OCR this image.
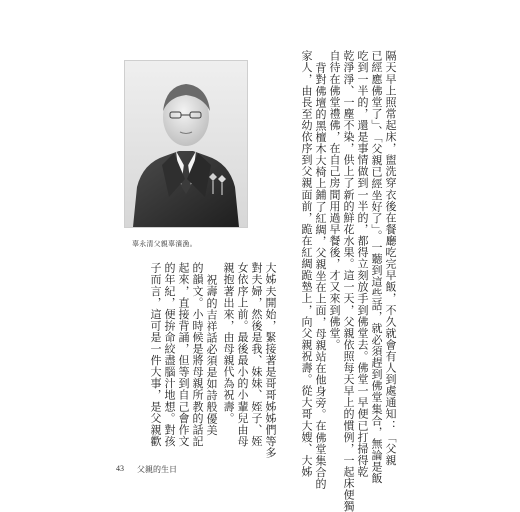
辜永清父親辜濱漁。	隔天早上照常起床，盥洗穿衣後在餐廳吃完早飯，不久就會有人到處通知：「父親
已經應佛堂了」、「父親已經坐好了」。一聽到這些話，就必須趕到佛堂集合，無論是飯
吃到一半的，還是事情做到一半的，都得立刻放手到佛堂去。佛堂一早便已打掃得乾
乾淨淨、一塵不染，供上了新的鮮花水果。這一天，父親依照每天早上的慣例，一起床便獨
自待在佛堂禮佛，在自己房間用過早餐後，才又來到佛堂。
背對佛壇的黑檀木大椅上鋪了紅綢，父親坐在上面，母親站在他身旁。在佛堂集合的
家人，由長至幼依序到父親面前，跪在紅綢跪墊上，向父親祝壽。從大哥大嫂、大姊
大姊夫開始，緊接著是哥哥姊姊們等多
對夫婦，然後是我、妹妹、姪子、姪
女依序上前。最後最小的小輩兒由母
親抱著出來，由母親代為祝壽。
祝壽的吉祥話必須是如詩般優美
的韻文。小時候是將母親所教的話記
起來，直接背誦，但等到自己會作文
的年紀，便拚命絞盡腦汁地想。對孩
子而言，這可是一件大事，是父親歡
43 父親的生日
